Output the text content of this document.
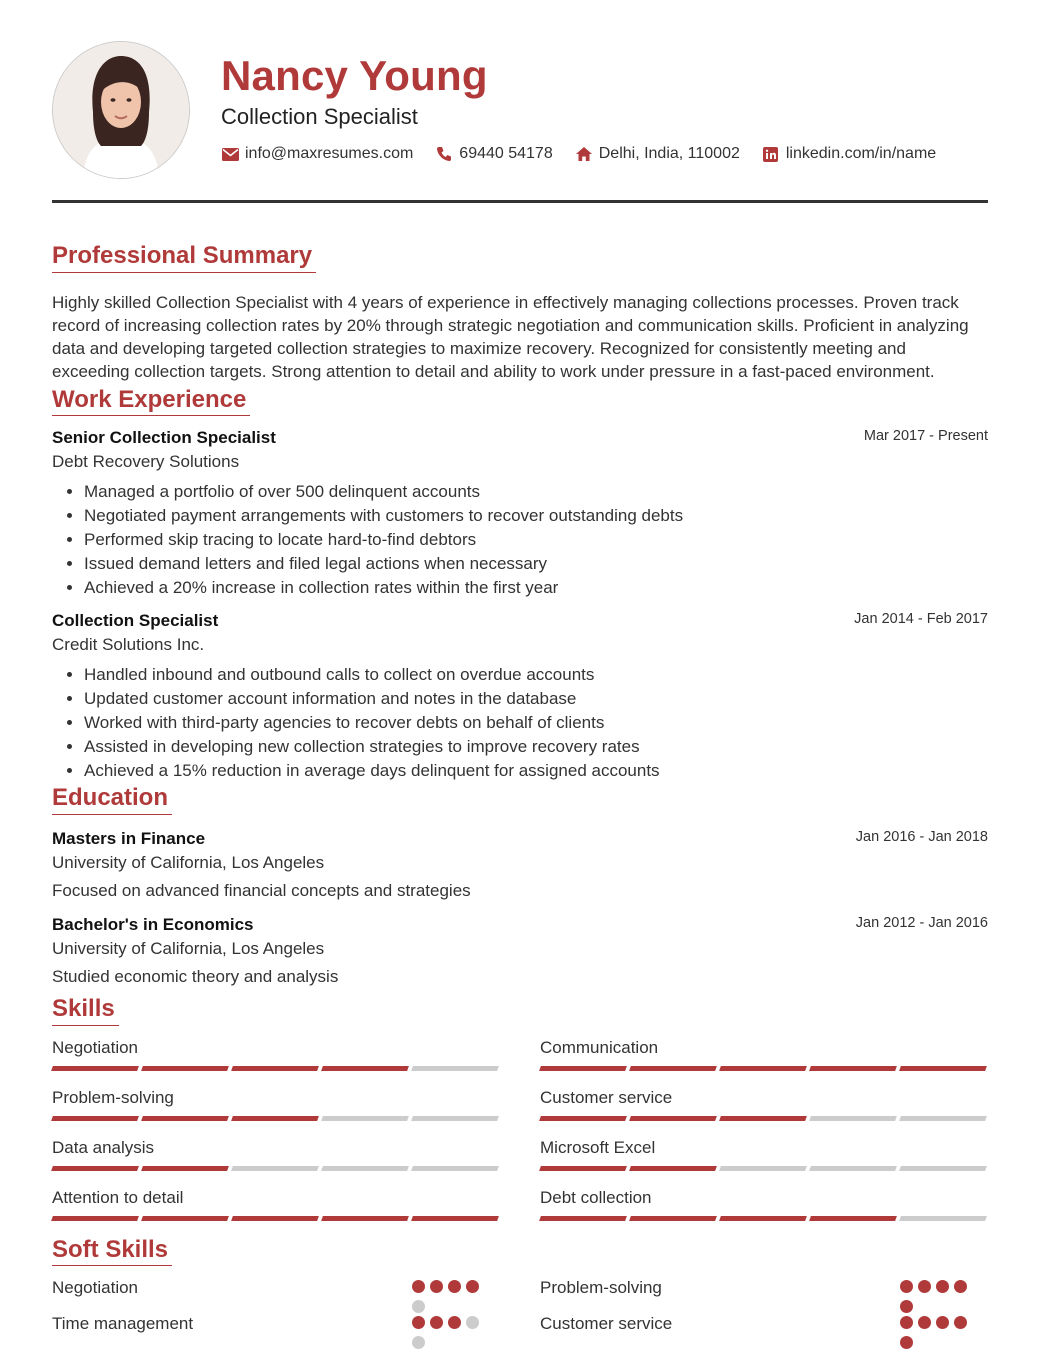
Nancy Young
Collection Specialist
info@maxresumes.com	69440 54178	Delhi, India, 110002	linkedin.com/in/name
Professional Summary

Highly skilled Collection Specialist with 4 years of experience in effectively managing collections processes. Proven track record of increasing collection rates by 20% through strategic negotiation and communication skills. Proficient in analyzing data and developing targeted collection strategies to maximize recovery. Recognized for consistently meeting and exceeding collection targets. Strong attention to detail and ability to work under pressure in a fast-paced environment.

Work Experience
Senior Collection Specialist	Mar 2017 - Present
Debt Recovery Solutions
• Managed a portfolio of over 500 delinquent accounts
• Negotiated payment arrangements with customers to recover outstanding debts
• Performed skip tracing to locate hard-to-find debtors
• Issued demand letters and filed legal actions when necessary
• Achieved a 20% increase in collection rates within the first year
Collection Specialist	Jan 2014 - Feb 2017
Credit Solutions Inc.
• Handled inbound and outbound calls to collect on overdue accounts
• Updated customer account information and notes in the database
• Worked with third-party agencies to recover debts on behalf of clients
• Assisted in developing new collection strategies to improve recovery rates
• Achieved a 15% reduction in average days delinquent for assigned accounts
Education
Masters in Finance	Jan 2016 - Jan 2018
University of California, Los Angeles
Focused on advanced financial concepts and strategies
Bachelor's in Economics	Jan 2012 - Jan 2016
University of California, Los Angeles
Studied economic theory and analysis
Skills
Negotiation	Communication
Problem-solving	Customer service
Data analysis	Microsoft Excel
Attention to detail	Debt collection
Soft Skills
Negotiation	Problem-solving
Time management	Customer service
